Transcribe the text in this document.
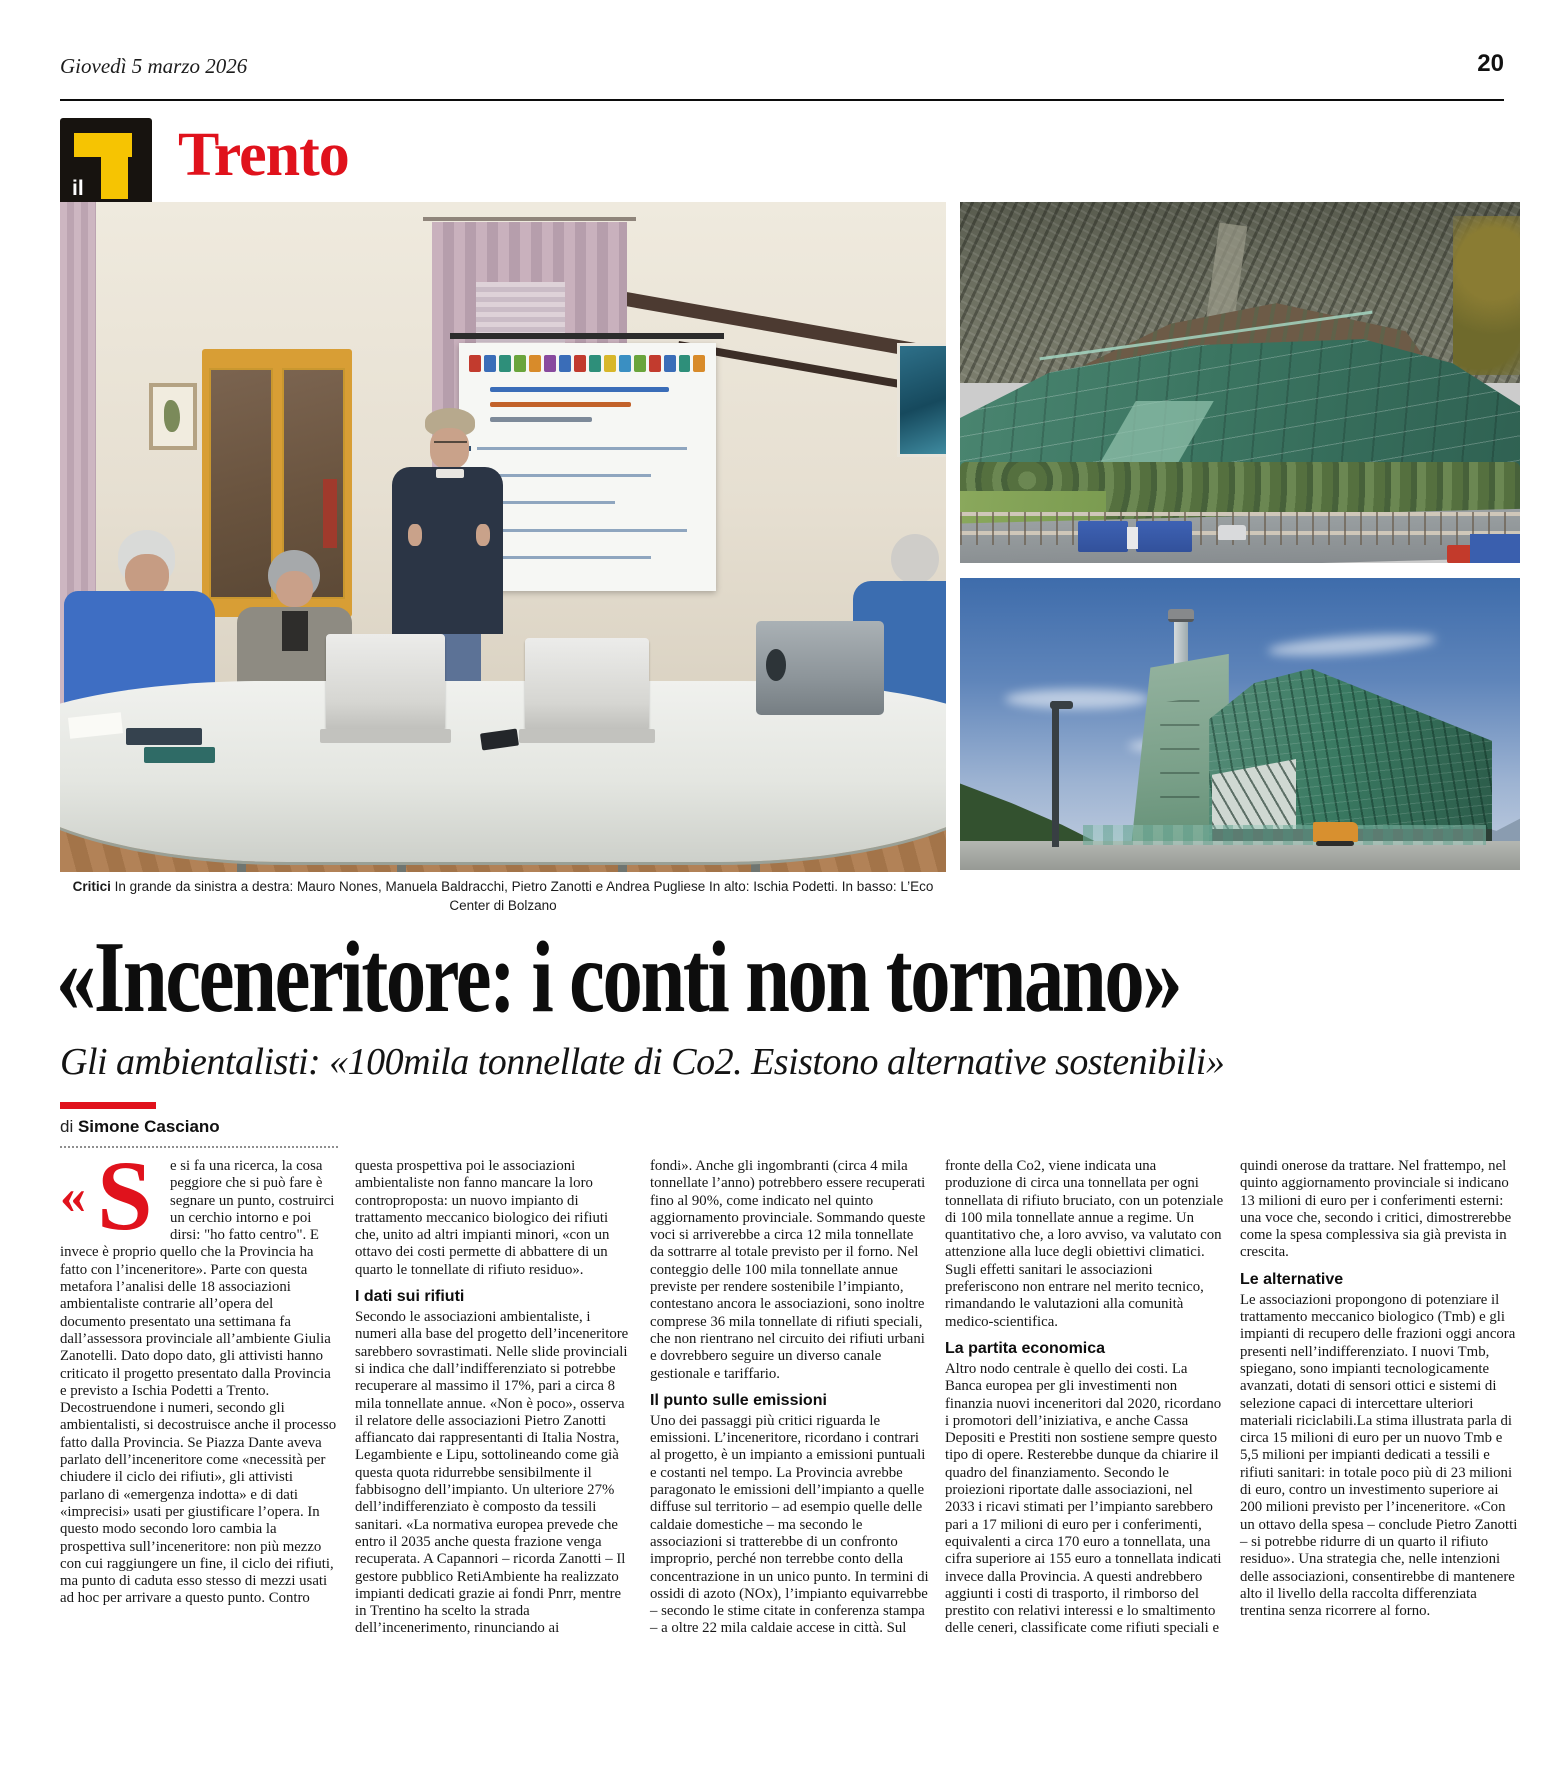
Giovedì 5 marzo 2026	20
il Trento
Critici In grande da sinistra a destra: Mauro Nones, Manuela Baldracchi, Pietro Zanotti e Andrea Pugliese In alto: Ischia Podetti. In basso: L’Eco Center di Bolzano
«Inceneritore: i conti non tornano»
Gli ambientalisti: «100mila tonnellate di Co2. Esistono alternative sostenibili»
di Simone Casciano

« S e si fa una ricerca, la cosa peggiore che si può fare è segnare un punto, costruirci un cerchio intorno e poi dirsi: "ho fatto centro". E invece è proprio quello che la Provincia ha fatto con l’inceneritore». Parte con questa metafora l’analisi delle 18 associazioni ambientaliste contrarie all’opera del documento presentato una settimana fa dall’assessora provinciale all’ambiente Giulia Zanotelli. Dato dopo dato, gli attivisti hanno criticato il progetto presentato dalla Provincia e previsto a Ischia Podetti a Trento. Decostruendone i numeri, secondo gli ambientalisti, si decostruisce anche il processo fatto dalla Provincia. Se Piazza Dante aveva parlato dell’inceneritore come «necessità per chiudere il ciclo dei rifiuti», gli attivisti parlano di «emergenza indotta» e di dati «imprecisi» usati per giustificare l’opera. In questo modo secondo loro cambia la prospettiva sull’inceneritore: non più mezzo con cui raggiungere un fine, il ciclo dei rifiuti, ma punto di caduta esso stesso di mezzi usati ad hoc per arrivare a questo punto. Contro

questa prospettiva poi le associazioni ambientaliste non fanno mancare la loro controproposta: un nuovo impianto di trattamento meccanico biologico dei rifiuti che, unito ad altri impianti minori, «con un ottavo dei costi permette di abbattere di un quarto le tonnellate di rifiuto residuo».

I dati sui rifiuti

Secondo le associazioni ambientaliste, i numeri alla base del progetto dell’inceneritore sarebbero sovrastimati. Nelle slide provinciali si indica che dall’indifferenziato si potrebbe recuperare al massimo il 17%, pari a circa 8 mila tonnellate annue. «Non è poco», osserva il relatore delle associazioni Pietro Zanotti affiancato dai rappresentanti di Italia Nostra, Legambiente e Lipu, sottolineando come già questa quota ridurrebbe sensibilmente il fabbisogno dell’impianto. Un ulteriore 27% dell’indifferenziato è composto da tessili sanitari. «La normativa europea prevede che entro il 2035 anche questa frazione venga recuperata. A Capannori – ricorda Zanotti – Il gestore pubblico RetiAmbiente ha realizzato impianti dedicati grazie ai fondi Pnrr, mentre in Trentino ha scelto la strada dell’incenerimento, rinunciando ai

fondi». Anche gli ingombranti (circa 4 mila tonnellate l’anno) potrebbero essere recuperati fino al 90%, come indicato nel quinto aggiornamento provinciale. Sommando queste voci si arriverebbe a circa 12 mila tonnellate da sottrarre al totale previsto per il forno. Nel conteggio delle 100 mila tonnellate annue previste per rendere sostenibile l’impianto, contestano ancora le associazioni, sono inoltre comprese 36 mila tonnellate di rifiuti speciali, che non rientrano nel circuito dei rifiuti urbani e dovrebbero seguire un diverso canale gestionale e tariffario.

Il punto sulle emissioni

Uno dei passaggi più critici riguarda le emissioni. L’inceneritore, ricordano i contrari al progetto, è un impianto a emissioni puntuali e costanti nel tempo. La Provincia avrebbe paragonato le emissioni dell’impianto a quelle diffuse sul territorio – ad esempio quelle delle caldaie domestiche – ma secondo le associazioni si tratterebbe di un confronto improprio, perché non terrebbe conto della concentrazione in un unico punto. In termini di ossidi di azoto (NOx), l’impianto equivarrebbe – secondo le stime citate in conferenza stampa – a oltre 22 mila caldaie accese in città. Sul

fronte della Co2, viene indicata una produzione di circa una tonnellata per ogni tonnellata di rifiuto bruciato, con un potenziale di 100 mila tonnellate annue a regime. Un quantitativo che, a loro avviso, va valutato con attenzione alla luce degli obiettivi climatici. Sugli effetti sanitari le associazioni preferiscono non entrare nel merito tecnico, rimandando le valutazioni alla comunità medico-scientifica.

La partita economica

Altro nodo centrale è quello dei costi. La Banca europea per gli investimenti non finanzia nuovi inceneritori dal 2020, ricordano i promotori dell’iniziativa, e anche Cassa Depositi e Prestiti non sostiene sempre questo tipo di opere. Resterebbe dunque da chiarire il quadro del finanziamento. Secondo le proiezioni riportate dalle associazioni, nel 2033 i ricavi stimati per l’impianto sarebbero pari a 17 milioni di euro per i conferimenti, equivalenti a circa 170 euro a tonnellata, una cifra superiore ai 155 euro a tonnellata indicati invece dalla Provincia. A questi andrebbero aggiunti i costi di trasporto, il rimborso del prestito con relativi interessi e lo smaltimento delle ceneri, classificate come rifiuti speciali e

quindi onerose da trattare. Nel frattempo, nel quinto aggiornamento provinciale si indicano 13 milioni di euro per i conferimenti esterni: una voce che, secondo i critici, dimostrerebbe come la spesa complessiva sia già prevista in crescita.

Le alternative

Le associazioni propongono di potenziare il trattamento meccanico biologico (Tmb) e gli impianti di recupero delle frazioni oggi ancora presenti nell’indifferenziato. I nuovi Tmb, spiegano, sono impianti tecnologicamente avanzati, dotati di sensori ottici e sistemi di selezione capaci di intercettare ulteriori materiali riciclabili.La stima illustrata parla di circa 15 milioni di euro per un nuovo Tmb e 5,5 milioni per impianti dedicati a tessili e rifiuti sanitari: in totale poco più di 23 milioni di euro, contro un investimento superiore ai 200 milioni previsto per l’inceneritore. «Con un ottavo della spesa – conclude Pietro Zanotti – si potrebbe ridurre di un quarto il rifiuto residuo». Una strategia che, nelle intenzioni delle associazioni, consentirebbe di mantenere alto il livello della raccolta differenziata trentina senza ricorrere al forno.
